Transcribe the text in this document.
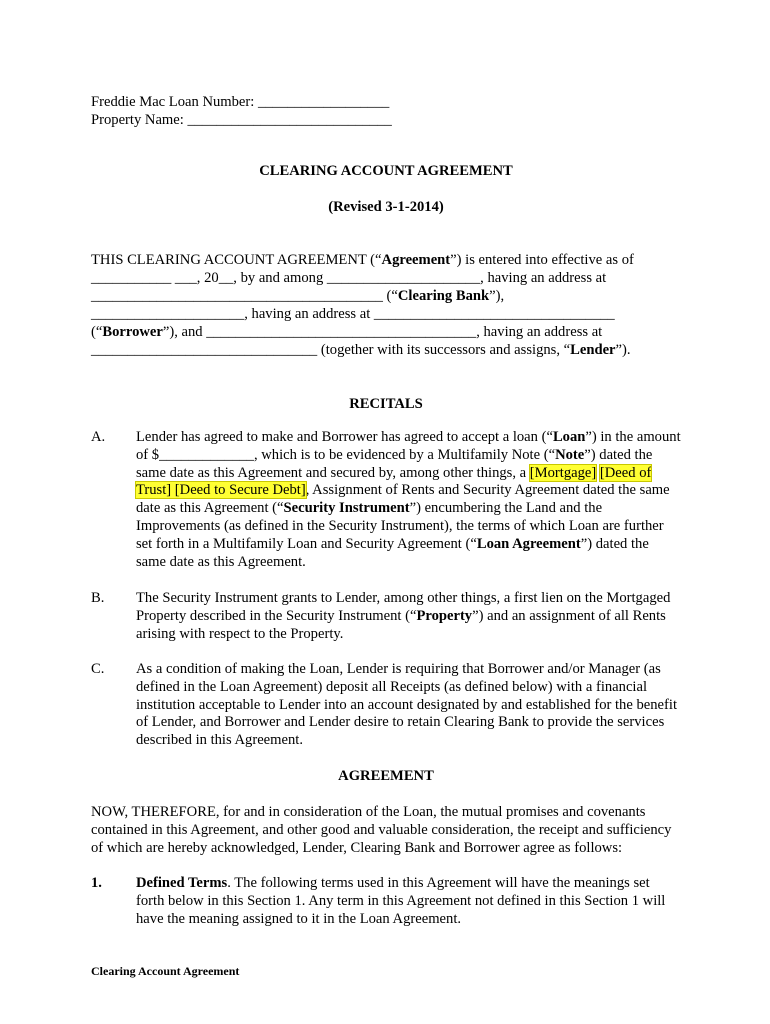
Freddie Mac Loan Number: __________________
Property Name: ____________________________
CLEARING ACCOUNT AGREEMENT
(Revised 3-1-2014)
THIS CLEARING ACCOUNT AGREEMENT (“Agreement”) is entered into effective as of
___________ ___, 20__, by and among _____________________, having an address at
________________________________________ (“Clearing Bank”),
_____________________, having an address at _________________________________
(“Borrower”), and _____________________________________, having an address at
_______________________________ (together with its successors and assigns, “Lender”).
RECITALS
A. Lender has agreed to make and Borrower has agreed to accept a loan (“Loan”) in the amount of $_____________, which is to be evidenced by a Multifamily Note (“Note”) dated the same date as this Agreement and secured by, among other things, a [Mortgage] [Deed of Trust] [Deed to Secure Debt], Assignment of Rents and Security Agreement dated the same date as this Agreement (“Security Instrument”) encumbering the Land and the Improvements (as defined in the Security Instrument), the terms of which Loan are further set forth in a Multifamily Loan and Security Agreement (“Loan Agreement”) dated the same date as this Agreement.
B. The Security Instrument grants to Lender, among other things, a first lien on the Mortgaged Property described in the Security Instrument (“Property”) and an assignment of all Rents arising with respect to the Property.
C. As a condition of making the Loan, Lender is requiring that Borrower and/or Manager (as defined in the Loan Agreement) deposit all Receipts (as defined below) with a financial institution acceptable to Lender into an account designated by and established for the benefit of Lender, and Borrower and Lender desire to retain Clearing Bank to provide the services described in this Agreement.
AGREEMENT
NOW, THEREFORE, for and in consideration of the Loan, the mutual promises and covenants contained in this Agreement, and other good and valuable consideration, the receipt and sufficiency of which are hereby acknowledged, Lender, Clearing Bank and Borrower agree as follows:
1. Defined Terms. The following terms used in this Agreement will have the meanings set forth below in this Section 1. Any term in this Agreement not defined in this Section 1 will have the meaning assigned to it in the Loan Agreement.
Clearing Account Agreement
